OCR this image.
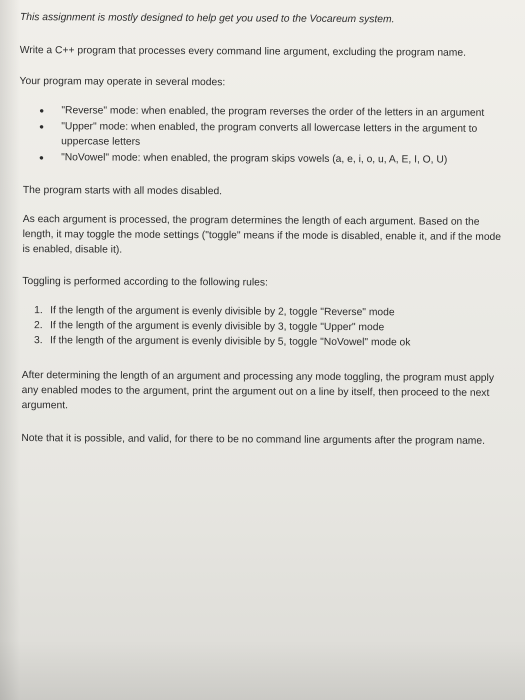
This assignment is mostly designed to help get you used to the Vocareum system.

Write a C++ program that processes every command line argument, excluding the program name.

Your program may operate in several modes:

• "Reverse" mode: when enabled, the program reverses the order of the letters in an argument
• "Upper" mode: when enabled, the program converts all lowercase letters in the argument to uppercase letters
• "NoVowel" mode: when enabled, the program skips vowels (a, e, i, o, u, A, E, I, O, U)

The program starts with all modes disabled.

As each argument is processed, the program determines the length of each argument. Based on the length, it may toggle the mode settings ("toggle" means if the mode is disabled, enable it, and if the mode is enabled, disable it).

Toggling is performed according to the following rules:

1. If the length of the argument is evenly divisible by 2, toggle "Reverse" mode
2. If the length of the argument is evenly divisible by 3, toggle "Upper" mode
3. If the length of the argument is evenly divisible by 5, toggle "NoVowel" mode ok

After determining the length of an argument and processing any mode toggling, the program must apply any enabled modes to the argument, print the argument out on a line by itself, then proceed to the next argument.

Note that it is possible, and valid, for there to be no command line arguments after the program name.
